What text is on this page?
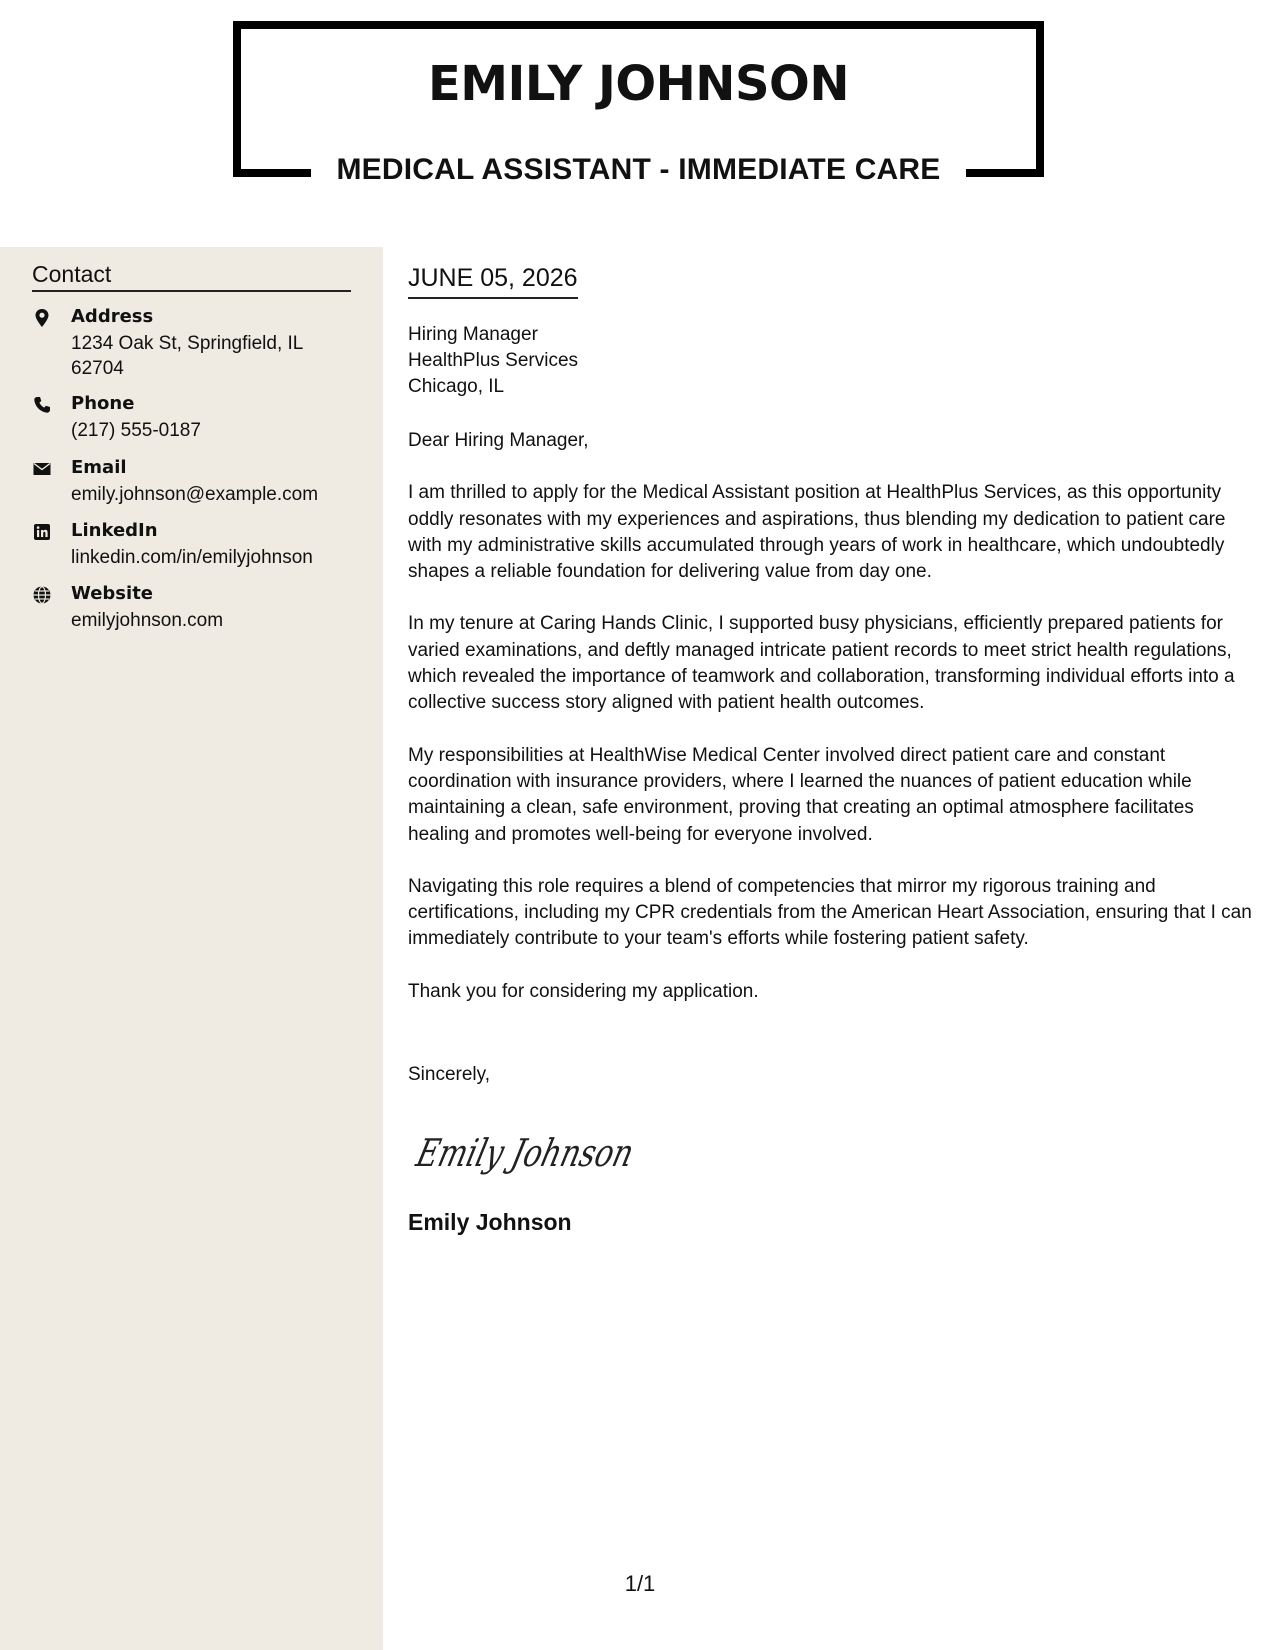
EMILY JOHNSON
MEDICAL ASSISTANT - IMMEDIATE CARE
Contact
Address
1234 Oak St, Springfield, IL 62704
Phone
(217) 555-0187
Email
emily.johnson@example.com
LinkedIn
linkedin.com/in/emilyjohnson
Website
emilyjohnson.com
JUNE 05, 2026
Hiring Manager
HealthPlus Services
Chicago, IL

Dear Hiring Manager,

I am thrilled to apply for the Medical Assistant position at HealthPlus Services, as this opportunity oddly resonates with my experiences and aspirations, thus blending my dedication to patient care with my administrative skills accumulated through years of work in healthcare, which undoubtedly shapes a reliable foundation for delivering value from day one.

In my tenure at Caring Hands Clinic, I supported busy physicians, efficiently prepared patients for varied examinations, and deftly managed intricate patient records to meet strict health regulations, which revealed the importance of teamwork and collaboration, transforming individual efforts into a collective success story aligned with patient health outcomes.

My responsibilities at HealthWise Medical Center involved direct patient care and constant coordination with insurance providers, where I learned the nuances of patient education while maintaining a clean, safe environment, proving that creating an optimal atmosphere facilitates healing and promotes well-being for everyone involved.

Navigating this role requires a blend of competencies that mirror my rigorous training and certifications, including my CPR credentials from the American Heart Association, ensuring that I can immediately contribute to your team's efforts while fostering patient safety.

Thank you for considering my application.

Sincerely,
Emily Johnson
Emily Johnson
1/1
